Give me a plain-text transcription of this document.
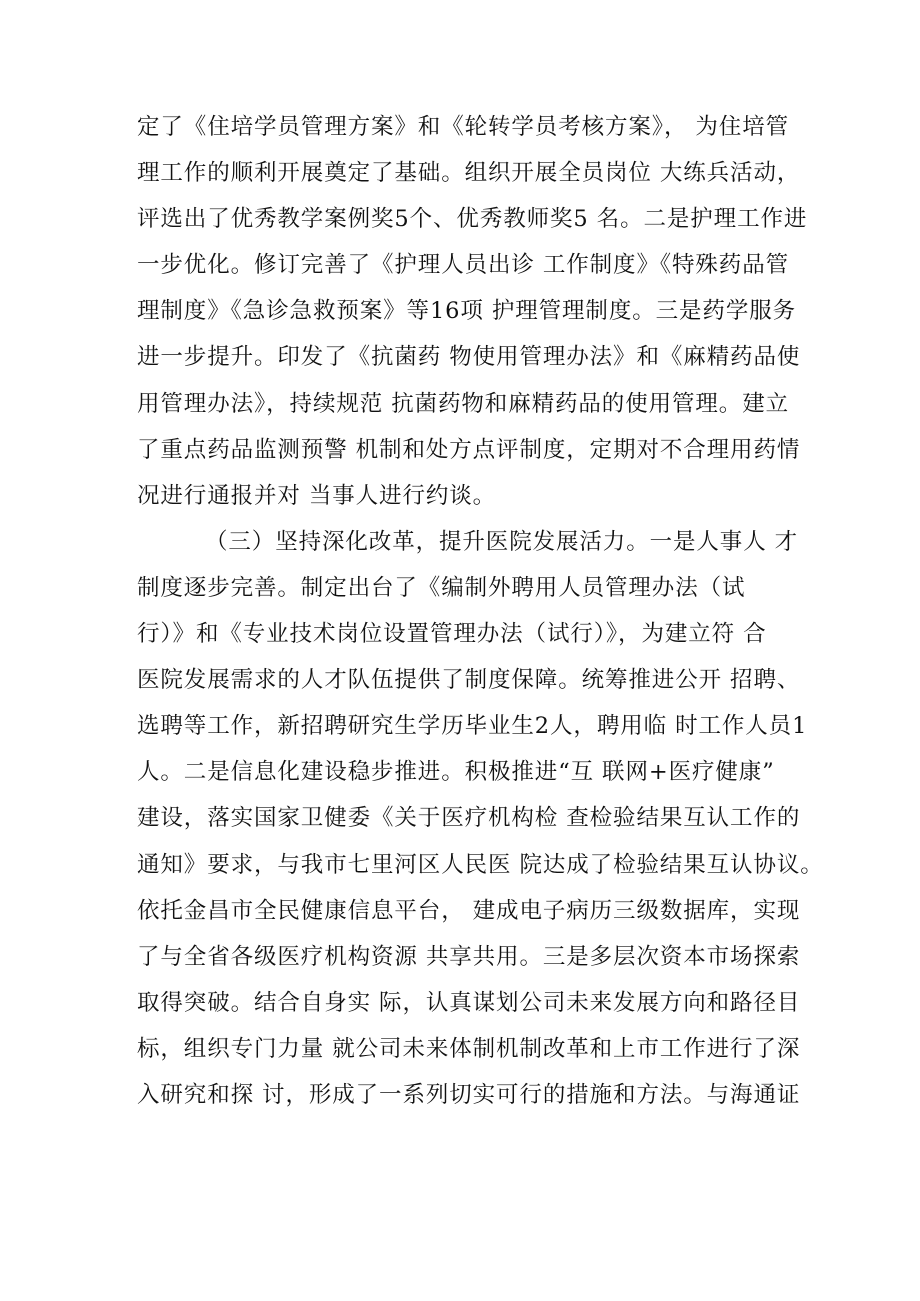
定了《住培学员管理方案》和《轮转学员考核方案》， 为住培管
理工作的顺利开展奠定了基础。组织开展全员岗位 大练兵活动，
评选出了优秀教学案例奖5个、优秀教师奖5 名。二是护理工作进
一步优化。修订完善了《护理人员出诊 工作制度》《特殊药品管
理制度》《急诊急救预案》等16项 护理管理制度。三是药学服务
进一步提升。印发了《抗菌药 物使用管理办法》和《麻精药品使
用管理办法》，持续规范 抗菌药物和麻精药品的使用管理。建立
了重点药品监测预警 机制和处方点评制度，定期对不合理用药情
况进行通报并对 当事人进行约谈。
（三）坚持深化改革，提升医院发展活力。一是人事人 才
制度逐步完善。制定出台了《编制外聘用人员管理办法（试
行）》和《专业技术岗位设置管理办法（试行）》，为建立符 合
医院发展需求的人才队伍提供了制度保障。统筹推进公开 招聘、
选聘等工作，新招聘研究生学历毕业生2人，聘用临 时工作人员1
人。二是信息化建设稳步推进。积极推进“互 联网+医疗健康”
建设，落实国家卫健委《关于医疗机构检 查检验结果互认工作的
通知》要求，与我市七里河区人民医 院达成了检验结果互认协议。
依托金昌市全民健康信息平台， 建成电子病历三级数据库，实现
了与全省各级医疗机构资源 共享共用。三是多层次资本市场探索
取得突破。结合自身实 际，认真谋划公司未来发展方向和路径目
标，组织专门力量 就公司未来体制机制改革和上市工作进行了深
入研究和探 讨，形成了一系列切实可行的措施和方法。与海通证
